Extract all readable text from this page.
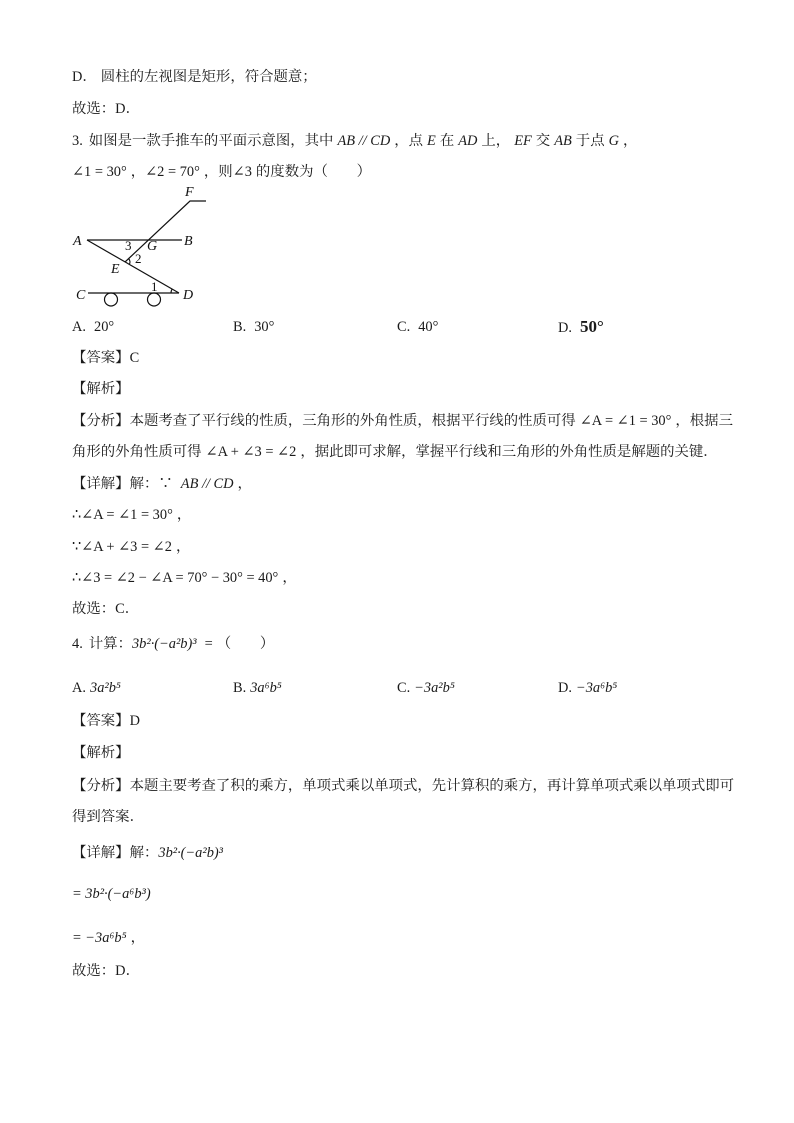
D． 圆柱的左视图是矩形，符合题意；
故选：D．
3. 如图是一款手推车的平面示意图，其中 AB // CD ，点 E 在 AD 上， EF 交 AB 于点 G ，
∠1 = 30° ，∠2 = 70° ，则∠3 的度数为（　　）
F
A	B
3 G
2
E
C
1
D
A. 20°	B. 30°	C. 40°	D. 50°
【答案】C
【解析】
【分析】本题考查了平行线的性质，三角形的外角性质，根据平行线的性质可得 ∠A = ∠1 = 30° ，根据三
角形的外角性质可得 ∠A + ∠3 = ∠2 ，据此即可求解，掌握平行线和三角形的外角性质是解题的关键．
【详解】解：∵ AB // CD ，
∴∠A = ∠1 = 30° ，
∵∠A + ∠3 = ∠2 ，
∴∠3 = ∠2 − ∠A = 70° − 30° = 40° ，
故选：C．
4. 计算：3b²·(−a²b)³ = （　　）
A. 3a²b⁵	B. 3a⁶b⁵	C. −3a²b⁵	D. −3a⁶b⁵
【答案】D
【解析】
【分析】本题主要考查了积的乘方，单项式乘以单项式，先计算积的乘方，再计算单项式乘以单项式即可
得到答案．
【详解】解：3b²·(−a²b)³
= 3b²·(−a⁶b³)
= −3a⁶b⁵ ，
故选：D．
